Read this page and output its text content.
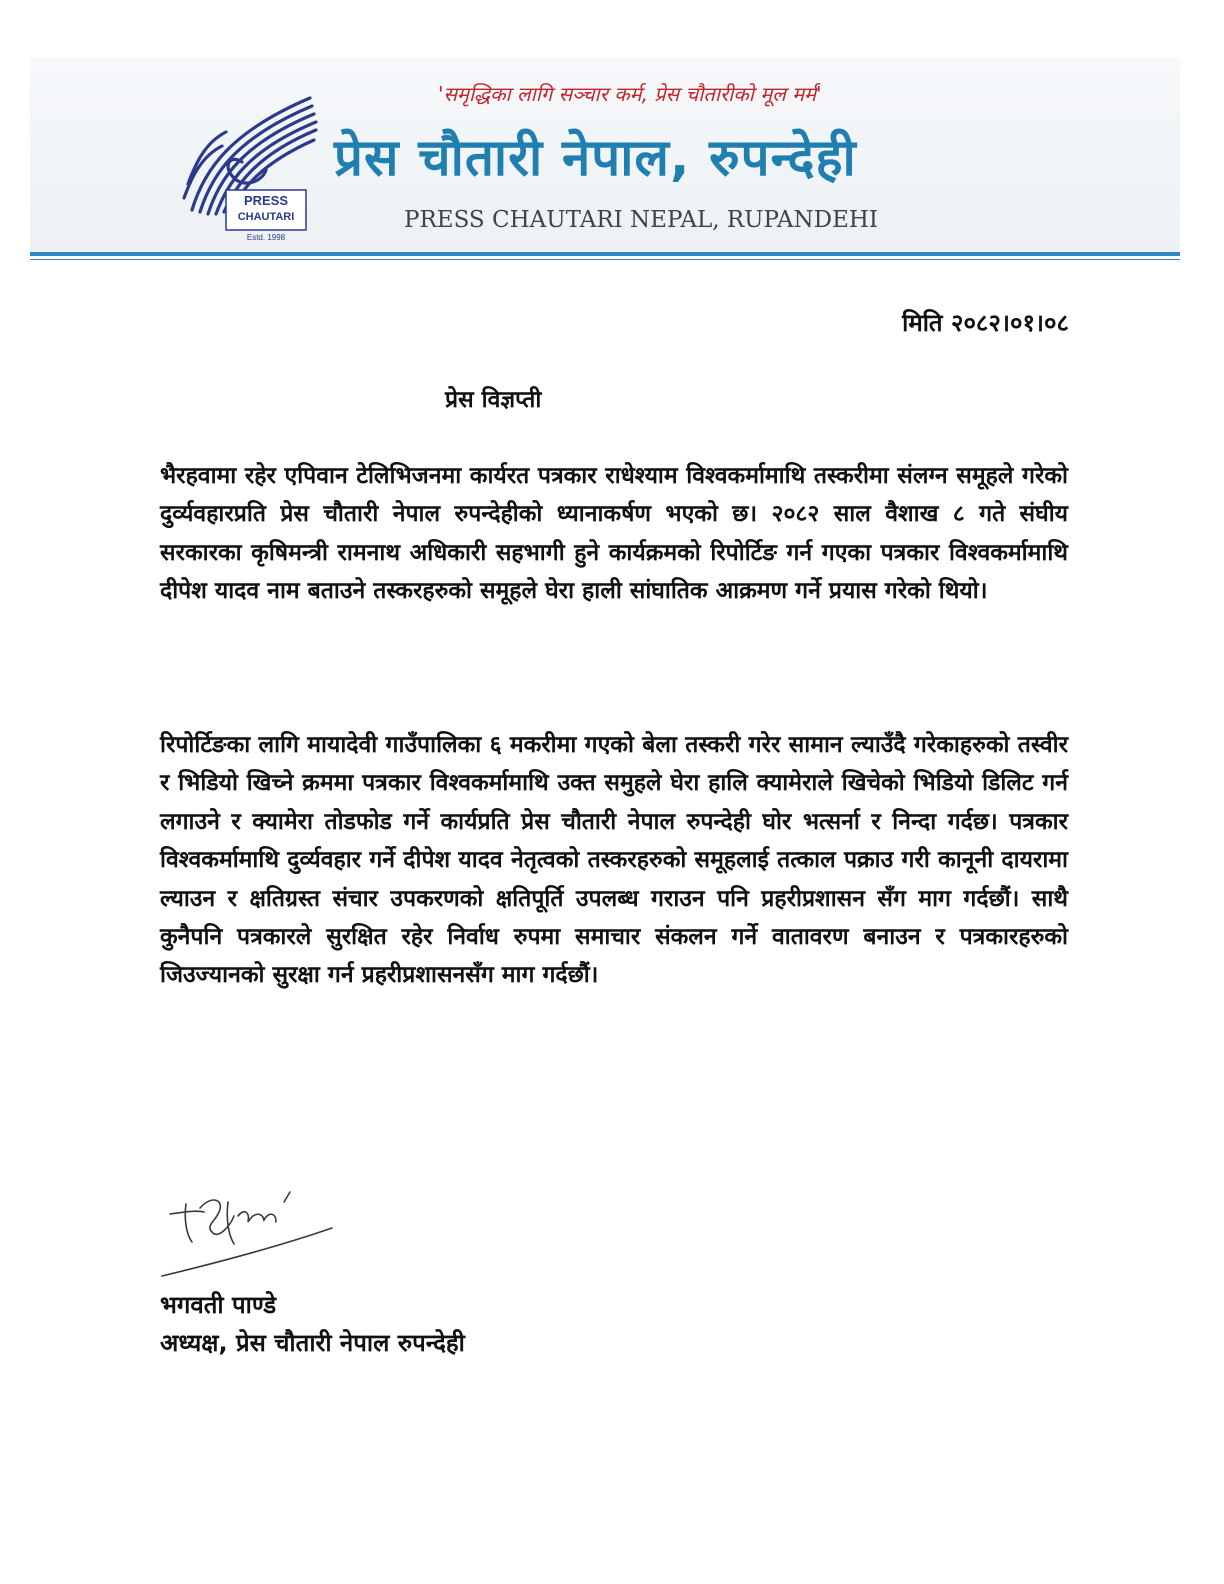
PRESS
CHAUTARI
Estd. 1998
'समृद्धिका लागि सञ्चार कर्म, प्रेस चौतारीको मूल मर्म'
प्रेस चौतारी नेपाल, रुपन्देही
PRESS CHAUTARI NEPAL, RUPANDEHI
मिति २०८२।०१।०८
प्रेस विज्ञप्ती

भैरहवामा रहेर एपिवान टेलिभिजनमा कार्यरत पत्रकार राधेश्याम विश्वकर्मामाथि तस्करीमा संलग्न समूहले गरेको दुर्व्यवहारप्रति प्रेस चौतारी नेपाल रुपन्देहीको ध्यानाकर्षण भएको छ। २०८२ साल वैशाख ८ गते संघीय सरकारका कृषिमन्त्री रामनाथ अधिकारी सहभागी हुने कार्यक्रमको रिपोर्टिङ गर्न गएका पत्रकार विश्वकर्मामाथि दीपेश यादव नाम बताउने तस्करहरुको समूहले घेरा हाली सांघातिक आक्रमण गर्ने प्रयास गरेको थियो।

रिपोर्टिङका लागि मायादेवी गाउँपालिका ६ मकरीमा गएको बेला तस्करी गरेर सामान ल्याउँदै गरेकाहरुको तस्वीर र भिडियो खिच्ने क्रममा पत्रकार विश्वकर्मामाथि उक्त समुहले घेरा हालि क्यामेराले खिचेको भिडियो डिलिट गर्न लगाउने र क्यामेरा तोडफोड गर्ने कार्यप्रति प्रेस चौतारी नेपाल रुपन्देही घोर भत्सर्ना र निन्दा गर्दछ। पत्रकार विश्वकर्मामाथि दुर्व्यवहार गर्ने दीपेश यादव नेतृत्वको तस्करहरुको समूहलाई तत्काल पक्राउ गरी कानूनी दायरामा ल्याउन र क्षतिग्रस्त संचार उपकरणको क्षतिपूर्ति उपलब्ध गराउन पनि प्रहरीप्रशासन सँग माग गर्दछौं। साथै कुनैपनि पत्रकारले सुरक्षित रहेर निर्वाध रुपमा समाचार संकलन गर्ने वातावरण बनाउन र पत्रकारहरुको जिउज्यानको सुरक्षा गर्न प्रहरीप्रशासनसँग माग गर्दछौं।

भगवती पाण्डे
अध्यक्ष, प्रेस चौतारी नेपाल रुपन्देही
